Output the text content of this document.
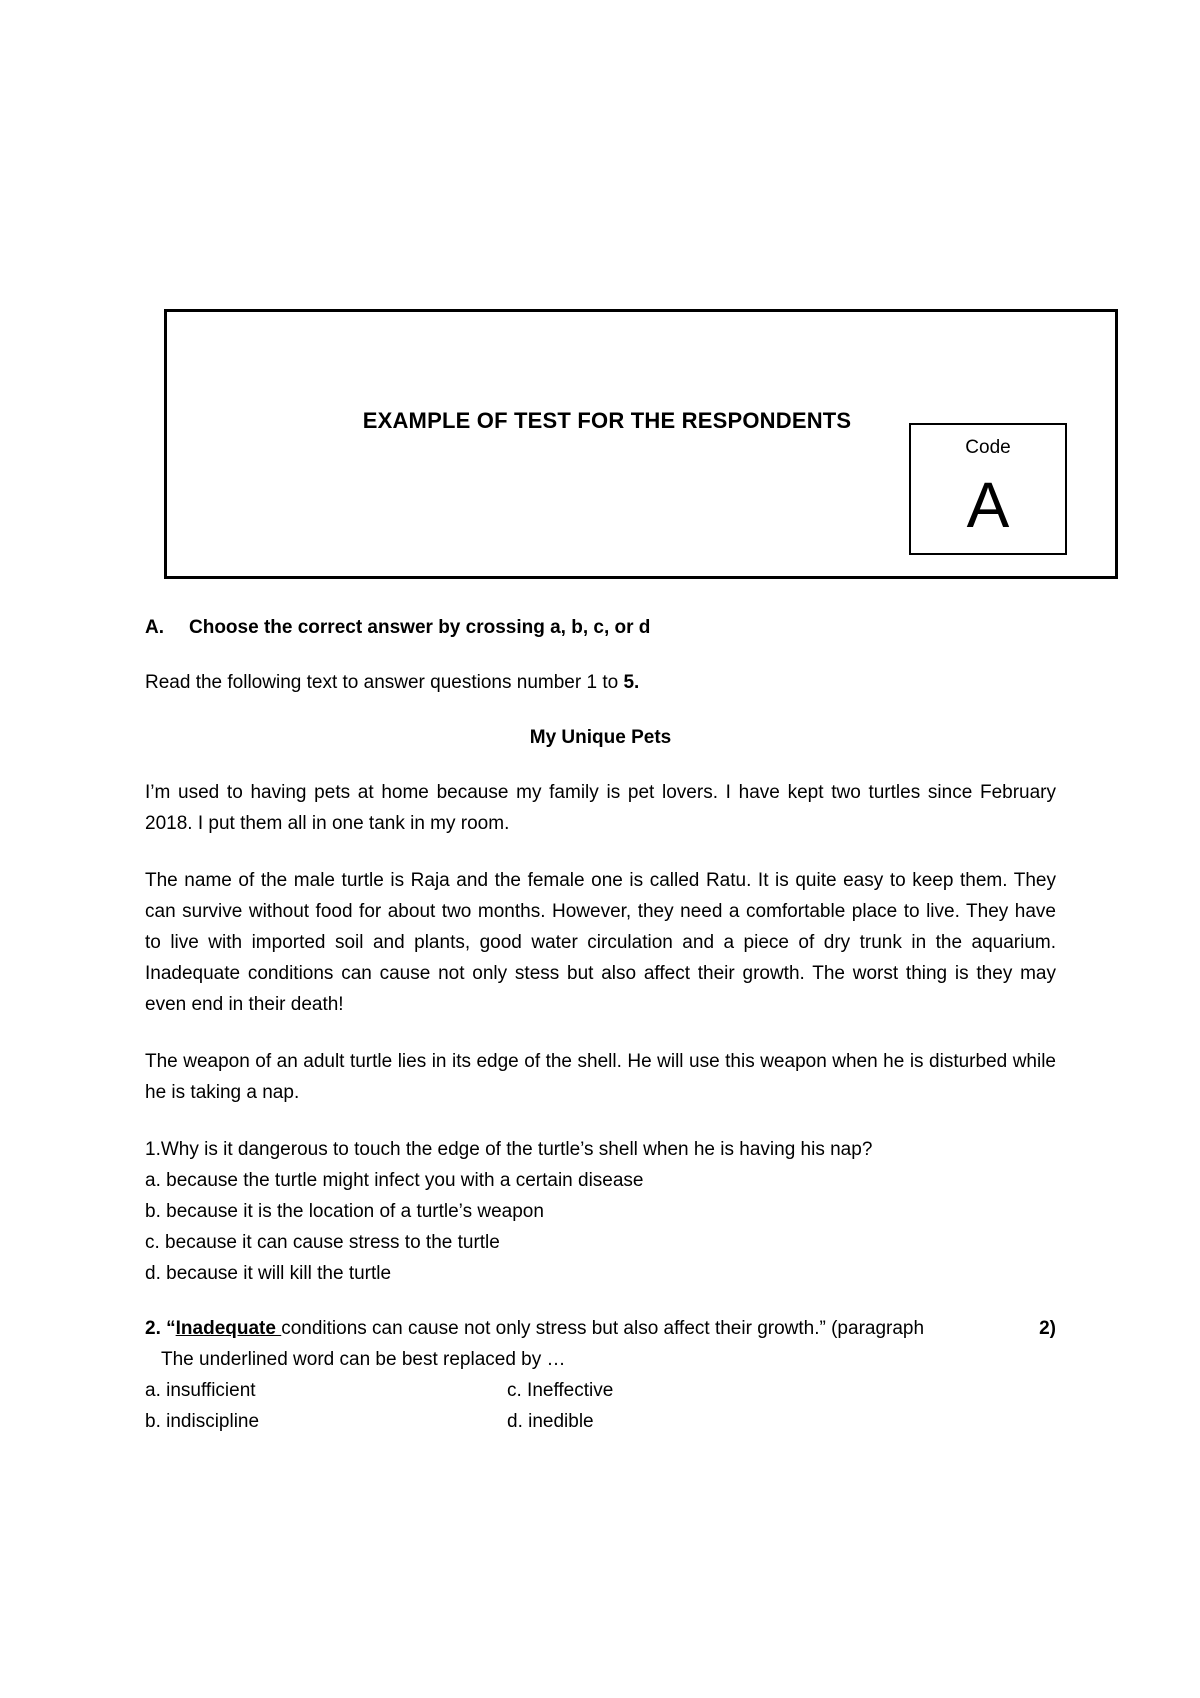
EXAMPLE OF TEST FOR THE RESPONDENTS
Code
A

A.	Choose the correct answer by crossing a, b, c, or d

Read the following text to answer questions number 1 to 5.

My Unique Pets

I’m used to having pets at home because my family is pet lovers. I have kept two turtles since February 2018. I put them all in one tank in my room.

The name of the male turtle is Raja and the female one is called Ratu. It is quite easy to keep them. They can survive without food for about two months. However, they need a comfortable place to live. They have to live with imported soil and plants, good water circulation and a piece of dry trunk in the aquarium. Inadequate conditions can cause not only stess but also affect their growth. The worst thing is they may even end in their death!

The weapon of an adult turtle lies in its edge of the shell. He will use this weapon when he is disturbed while he is taking a nap.

1.Why is it dangerous to touch the edge of the turtle’s shell when he is having his nap?

a. because the turtle might infect you with a certain disease

b. because it is the location of a turtle’s weapon

c. because it can cause stress to the turtle

d. because it will kill the turtle

2. “Inadequate conditions can cause not only stress but also affect their growth.” (paragraph	2)

The underlined word can be best replaced by …

a. insufficient	c. Ineffective
b. indiscipline	d. inedible
